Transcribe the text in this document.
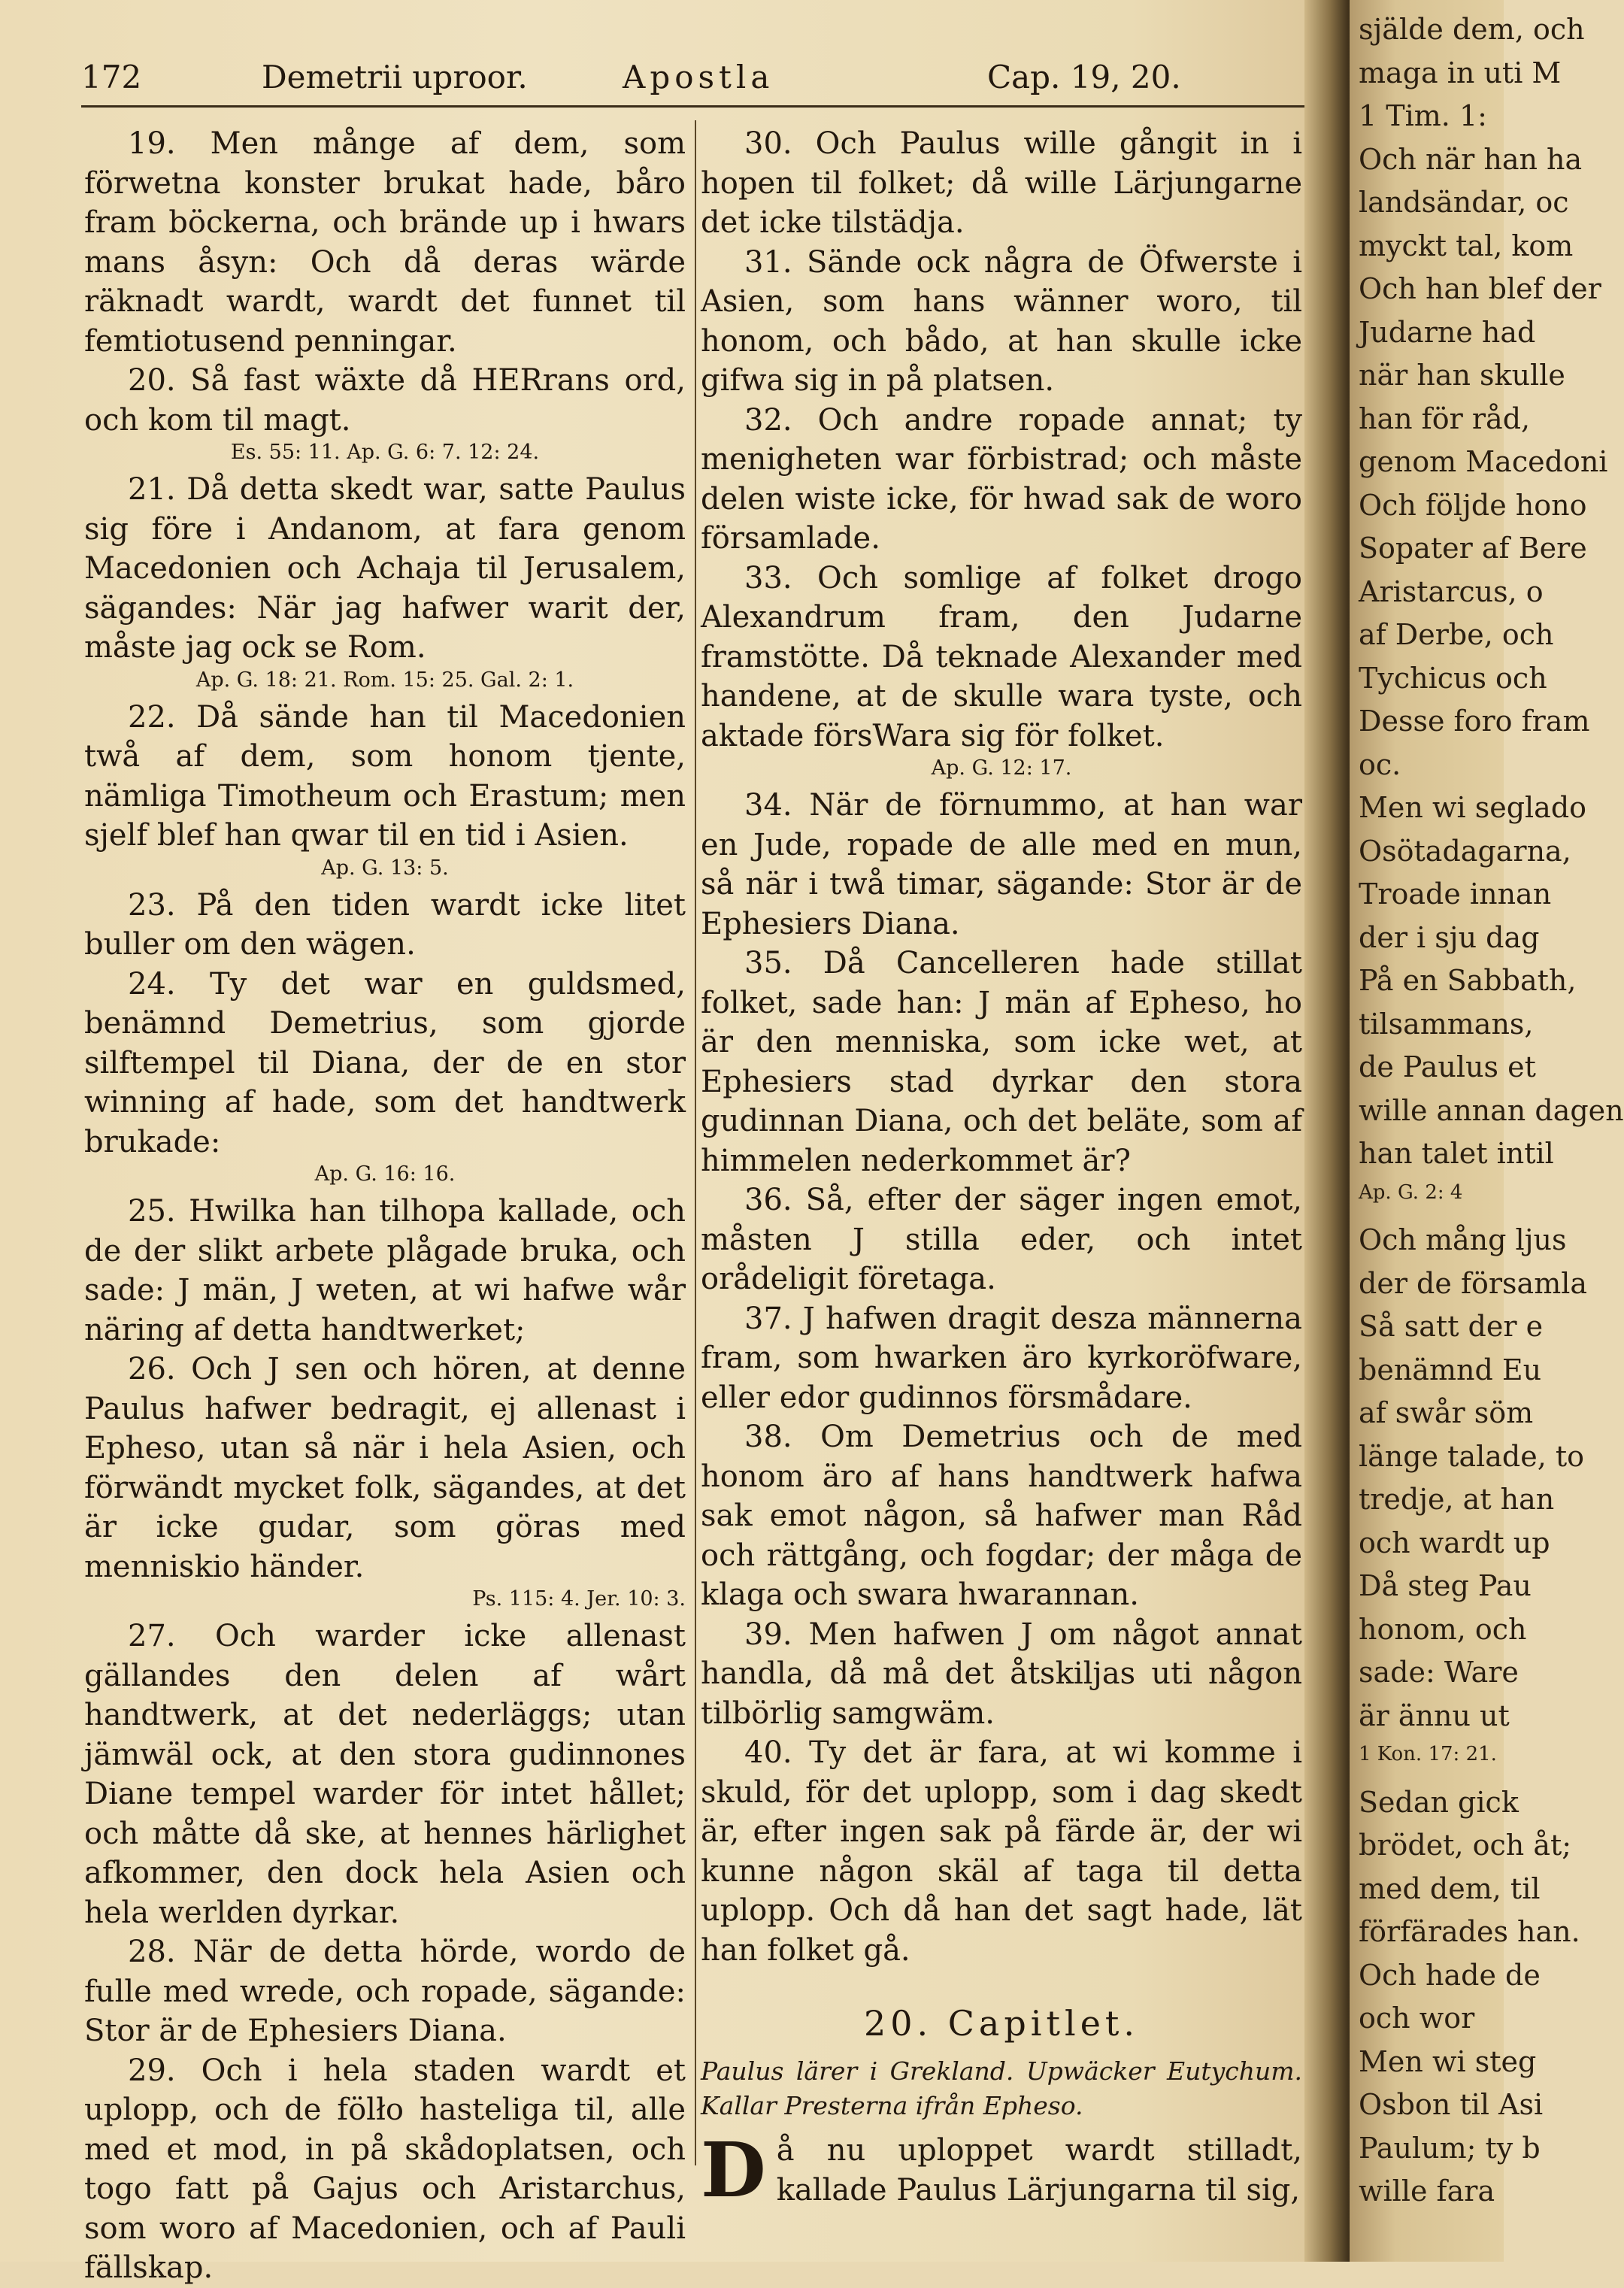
172	Demetrii uproor.	Apostla	Cap. 19, 20.

19. Men månge af dem, som förwetna konster brukat hade, båro fram böckerna, och brände up i hwars mans åsyn: Och då deras wärde räknadt wardt, wardt det funnet til femtiotusend penningar.

20. Så fast wäxte då HERrans ord, och kom til magt.

Es. 55: 11. Ap. G. 6: 7. 12: 24.

21. Då detta skedt war, satte Paulus sig före i Andanom, at fara genom Macedonien och Achaja til Jerusalem, sägandes: När jag hafwer warit der, måste jag ock se Rom.

Ap. G. 18: 21. Rom. 15: 25. Gal. 2: 1.

22. Då sände han til Macedonien twå af dem, som honom tjente, nämliga Timotheum och Erastum; men sjelf blef han qwar til en tid i Asien.

Ap. G. 13: 5.

23. På den tiden wardt icke litet buller om den wägen.

24. Ty det war en guldsmed, benämnd Demetrius, som gjorde silftempel til Diana, der de en stor winning af hade, som det handtwerk brukade:

Ap. G. 16: 16.

25. Hwilka han tilhopa kallade, och de der slikt arbete plågade bruka, och sade: J män, J weten, at wi hafwe wår näring af detta handtwerket;

26. Och J sen och hören, at denne Paulus hafwer bedragit, ej allenast i Epheso, utan så när i hela Asien, och förwändt mycket folk, sägandes, at det är icke gudar, som göras med menniskio händer.

Ps. 115: 4. Jer. 10: 3.

27. Och warder icke allenast gällandes den delen af wårt handtwerk, at det nederläggs; utan jämwäl ock, at den stora gudinnones Diane tempel warder för intet hållet; och måtte då ske, at hennes härlighet afkommer, den dock hela Asien och hela werlden dyrkar.

28. När de detta hörde, wordo de fulle med wrede, och ropade, sägande: Stor är de Ephesiers Diana.

29. Och i hela staden wardt et uplopp, och de fölło hasteliga til, alle med et mod, in på skådoplatsen, och togo fatt på Gajus och Aristarchus, som woro af Macedonien, och af Pauli fällskap.

30. Och Paulus wille gångit in i hopen til folket; då wille Lärjungarne det icke tilstädja.

31. Sände ock några de Öfwerste i Asien, som hans wänner woro, til honom, och bådo, at han skulle icke gifwa sig in på platsen.

32. Och andre ropade annat; ty menigheten war förbistrad; och måste delen wiste icke, för hwad sak de woro församlade.

33. Och somlige af folket drogo Alexandrum fram, den Judarne framstötte. Då teknade Alexander med handene, at de skulle wara tyste, och aktade försWara sig för folket.

Ap. G. 12: 17.

34. När de förnummo, at han war en Jude, ropade de alle med en mun, så när i twå timar, sägande: Stor är de Ephesiers Diana.

35. Då Cancelleren hade stillat folket, sade han: J män af Epheso, ho är den menniska, som icke wet, at Ephesiers stad dyrkar den stora gudinnan Diana, och det beläte, som af himmelen nederkommet är?

36. Så, efter der säger ingen emot, måsten J stilla eder, och intet orådeligit företaga.

37. J hafwen dragit desza männerna fram, som hwarken äro kyrkoröfware, eller edor gudinnos försmådare.

38. Om Demetrius och de med honom äro af hans handtwerk hafwa sak emot någon, så hafwer man Råd och rättgång, och fogdar; der måga de klaga och swara hwarannan.

39. Men hafwen J om något annat handla, då må det åtskiljas uti någon tilbörlig samgwäm.

40. Ty det är fara, at wi komme i skuld, för det uplopp, som i dag skedt är, efter ingen sak på färde är, der wi kunne någon skäl af taga til detta uplopp. Och då han det sagt hade, lät han folket gå.

20. Capitlet.

Paulus lärer i Grekland. Upwäcker Eutychum. Kallar Presterna ifrån Epheso.

Då nu uploppet wardt stilladt, kallade Paulus Lärjungarna til sig,

själde dem, och
maga in uti M
1 Tim. 1:
Och när han ha
landsändar, oc
myckt tal, kom
Och han blef der
Judarne had
när han skulle
han för råd,
genom Macedoni
Och följde hono
Sopater af Bere
Aristarcus, o
af Derbe, och
Tychicus och
Desse foro fram
oc.
Men wi seglado
Osötadagarna,
Troade innan
der i sju dag
På en Sabbath,
tilsammans,
de Paulus et
wille annan dagen
han talet intil
Ap. G. 2: 4
Och mång ljus
der de församla
Så satt der e
benämnd Eu
af swår söm
länge talade, to
tredje, at han
och wardt up
Då steg Pau
honom, och
sade: Ware
är ännu ut
1 Kon. 17: 21.
Sedan gick
brödet, och åt;
med dem, til
förfärades han.
Och hade de
och wor
Men wi steg
Osbon til Asi
Paulum; ty b
wille fara
